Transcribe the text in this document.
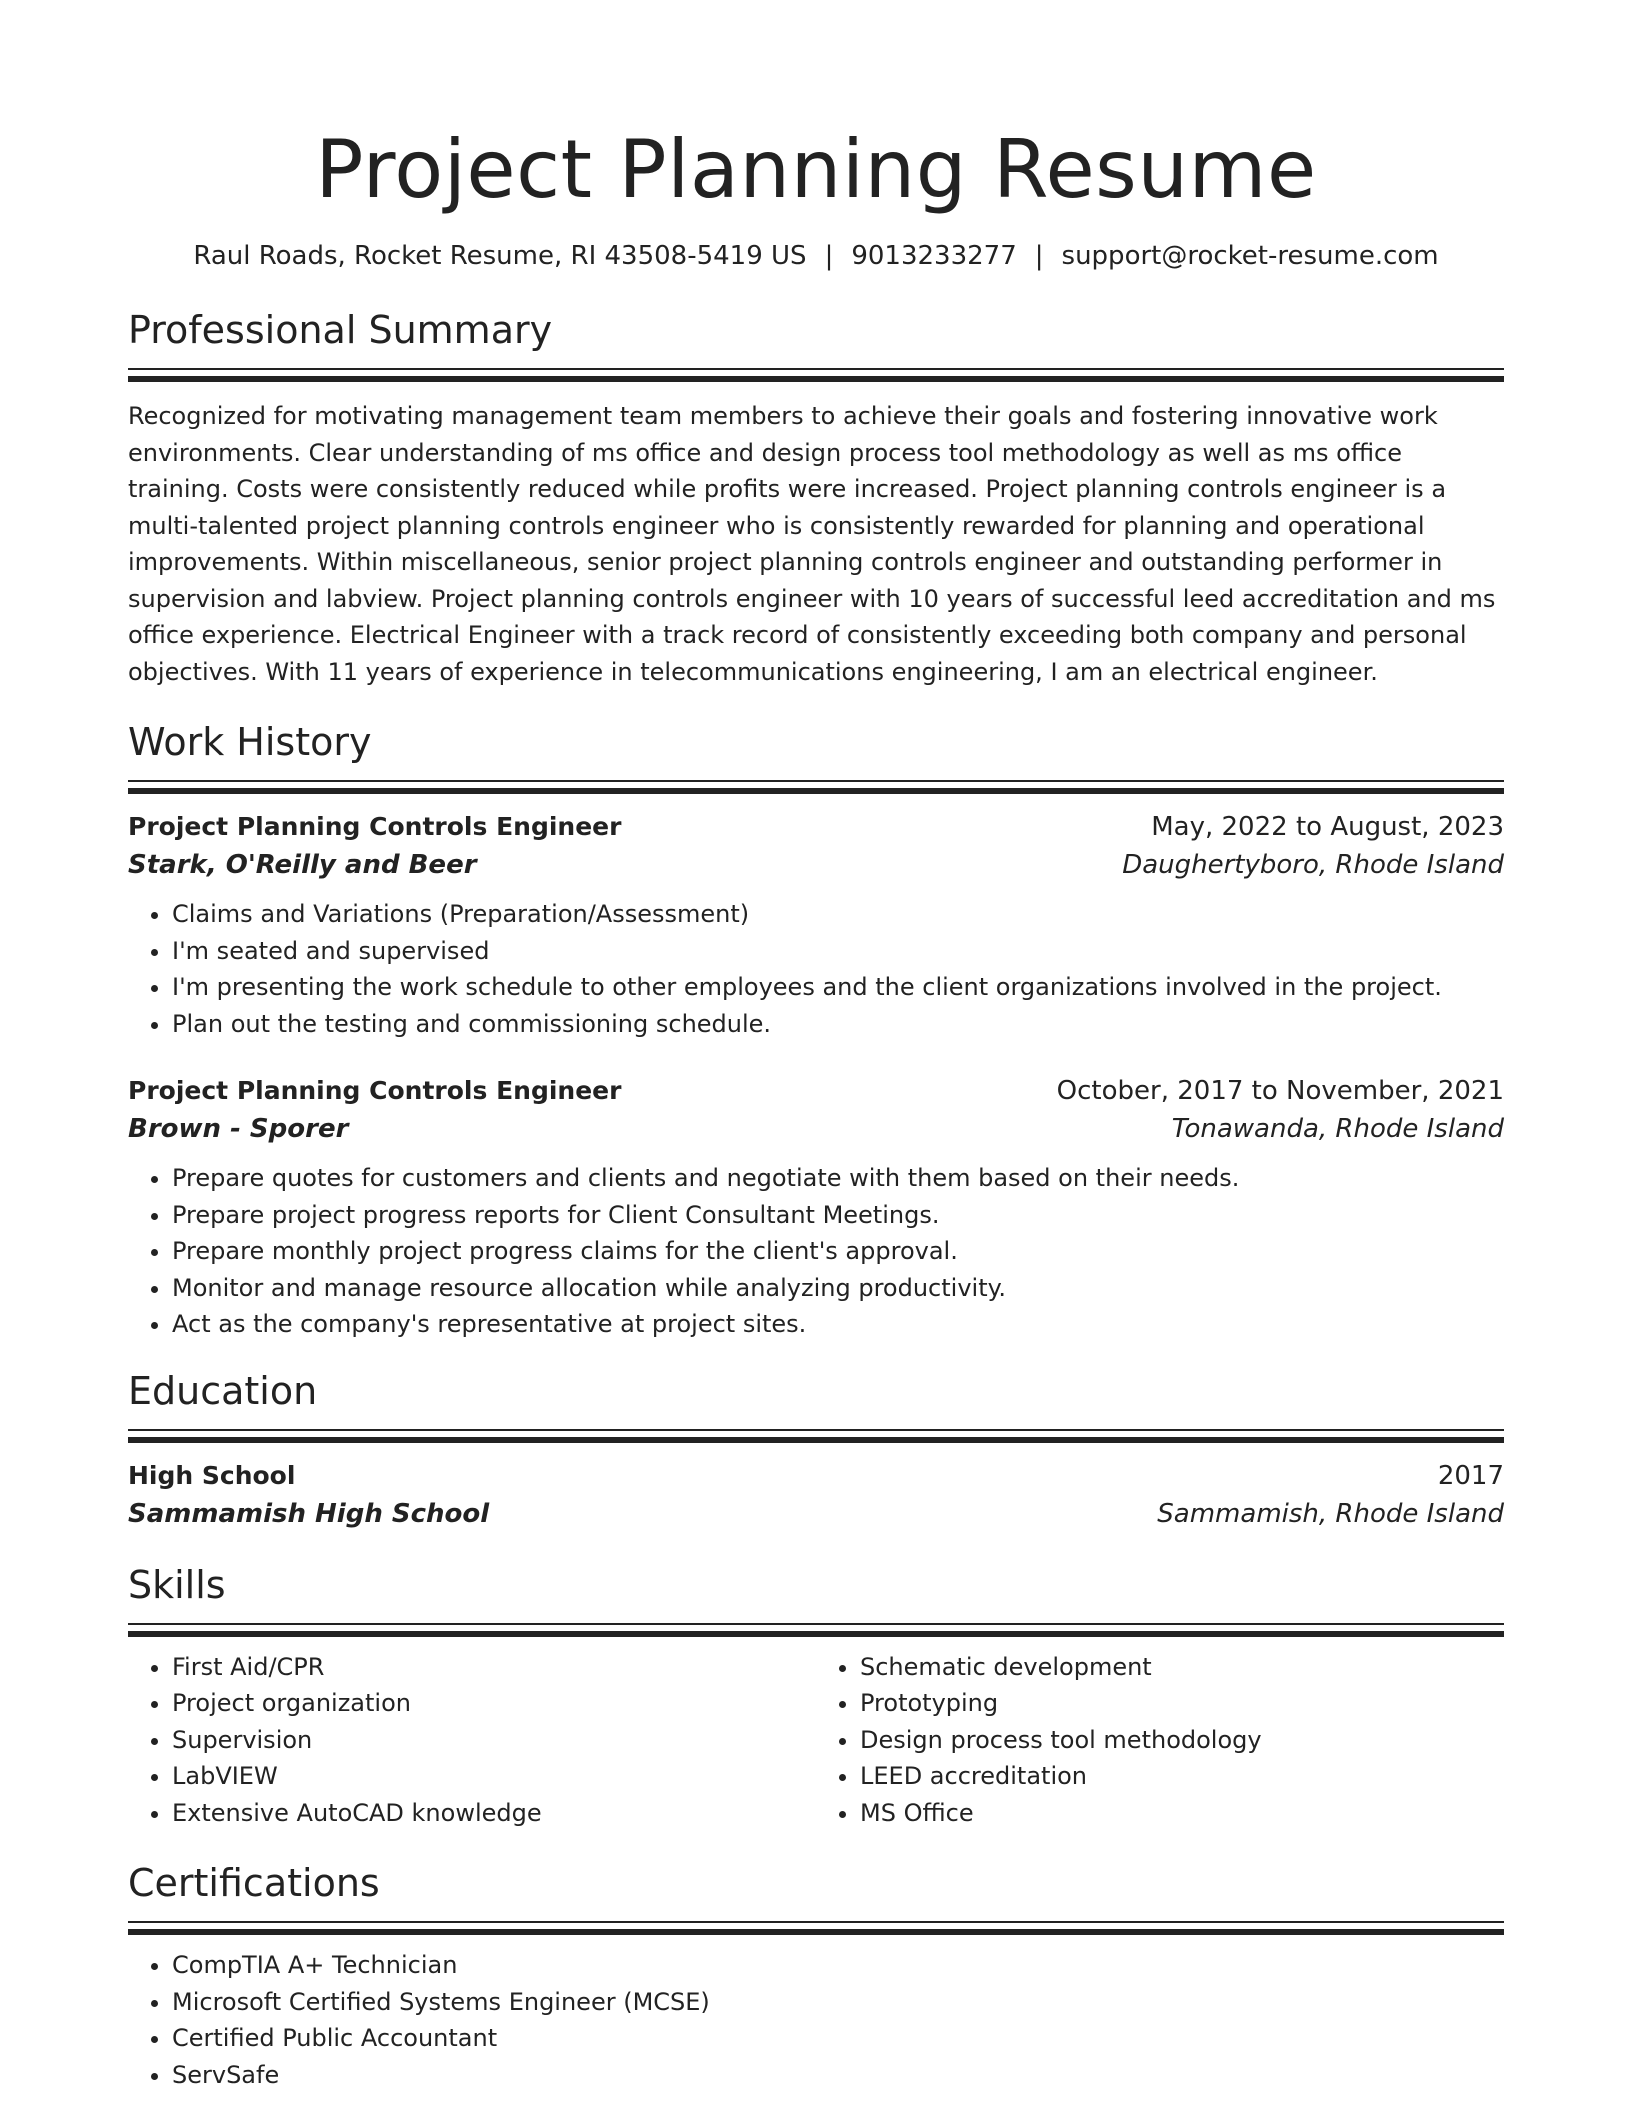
Project Planning Resume
Raul Roads, Rocket Resume, RI 43508-5419 US | 9013233277 | support@rocket-resume.com
Professional Summary

Recognized for motivating management team members to achieve their goals and fostering innovative work environments. Clear understanding of ms office and design process tool methodology as well as ms office training. Costs were consistently reduced while profits were increased. Project planning controls engineer is a multi-talented project planning controls engineer who is consistently rewarded for planning and operational improvements. Within miscellaneous, senior project planning controls engineer and outstanding performer in supervision and labview. Project planning controls engineer with 10 years of successful leed accreditation and ms office experience. Electrical Engineer with a track record of consistently exceeding both company and personal objectives. With 11 years of experience in telecommunications engineering, I am an electrical engineer.

Work History
Project Planning Controls Engineer	May, 2022 to August, 2023
Stark, O'Reilly and Beer	Daughertyboro, Rhode Island
• Claims and Variations (Preparation/Assessment)
• I'm seated and supervised
• I'm presenting the work schedule to other employees and the client organizations involved in the project.
• Plan out the testing and commissioning schedule.
Project Planning Controls Engineer	October, 2017 to November, 2021
Brown - Sporer	Tonawanda, Rhode Island
• Prepare quotes for customers and clients and negotiate with them based on their needs.
• Prepare project progress reports for Client Consultant Meetings.
• Prepare monthly project progress claims for the client's approval.
• Monitor and manage resource allocation while analyzing productivity.
• Act as the company's representative at project sites.
Education
High School	2017
Sammamish High School	Sammamish, Rhode Island
Skills
• First Aid/CPR
• Project organization
• Supervision
• LabVIEW
• Extensive AutoCAD knowledge
• Schematic development
• Prototyping
• Design process tool methodology
• LEED accreditation
• MS Office
Certifications
• CompTIA A+ Technician
• Microsoft Certified Systems Engineer (MCSE)
• Certified Public Accountant
• ServSafe
